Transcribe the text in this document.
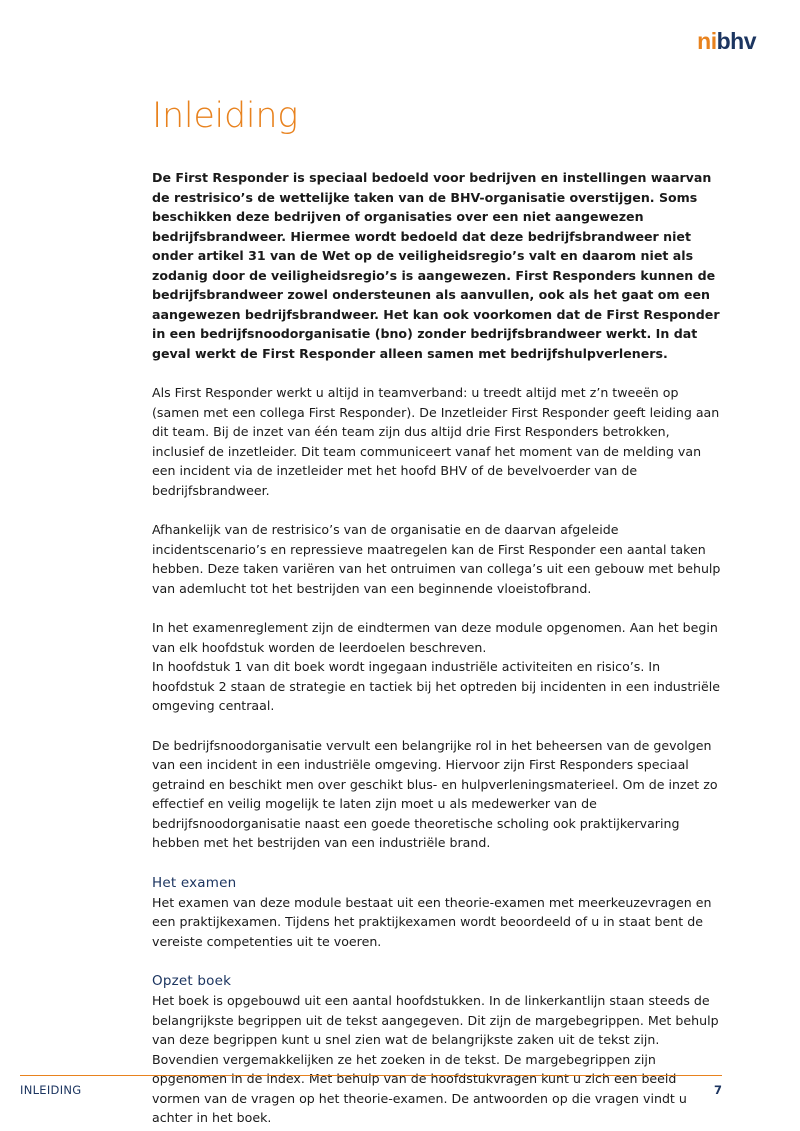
nibhv
Inleiding

De First Responder is speciaal bedoeld voor bedrijven en instellingen waarvan de restrisico’s de wettelijke taken van de BHV-organisatie overstijgen. Soms beschikken deze bedrijven of organisaties over een niet aangewezen bedrijfsbrandweer. Hiermee wordt bedoeld dat deze bedrijfsbrandweer niet onder artikel 31 van de Wet op de veiligheidsregio’s valt en daarom niet als zodanig door de veiligheidsregio’s is aangewezen. First Responders kunnen de bedrijfsbrandweer zowel ondersteunen als aanvullen, ook als het gaat om een aangewezen bedrijfsbrandweer. Het kan ook voorkomen dat de First Responder in een bedrijfsnoodorganisatie (bno) zonder bedrijfsbrandweer werkt. In dat geval werkt de First Responder alleen samen met bedrijfshulpverleners.

Als First Responder werkt u altijd in teamverband: u treedt altijd met z’n tweeën op (samen met een collega First Responder). De Inzetleider First Responder geeft leiding aan dit team. Bij de inzet van één team zijn dus altijd drie First Responders betrokken, inclusief de inzetleider. Dit team communiceert vanaf het moment van de melding van een incident via de inzetleider met het hoofd BHV of de bevelvoerder van de bedrijfsbrandweer.

Afhankelijk van de restrisico’s van de organisatie en de daarvan afgeleide incidentscenario’s en repressieve maatregelen kan de First Responder een aantal taken hebben. Deze taken variëren van het ontruimen van collega’s uit een gebouw met behulp van ademlucht tot het bestrijden van een beginnende vloeistofbrand.

In het examenreglement zijn de eindtermen van deze module opgenomen. Aan het begin van elk hoofdstuk worden de leerdoelen beschreven.

In hoofdstuk 1 van dit boek wordt ingegaan industriële activiteiten en risico’s. In hoofdstuk 2 staan de strategie en tactiek bij het optreden bij incidenten in een industriële omgeving centraal.

De bedrijfsnoodorganisatie vervult een belangrijke rol in het beheersen van de gevolgen van een incident in een industriële omgeving. Hiervoor zijn First Responders speciaal getraind en beschikt men over geschikt blus- en hulpverleningsmaterieel. Om de inzet zo effectief en veilig mogelijk te laten zijn moet u als medewerker van de bedrijfsnoodorganisatie naast een goede theoretische scholing ook praktijkervaring hebben met het bestrijden van een industriële brand.

Het examen

Het examen van deze module bestaat uit een theorie-examen met meerkeuzevragen en een praktijkexamen. Tijdens het praktijkexamen wordt beoordeeld of u in staat bent de vereiste competenties uit te voeren.

Opzet boek

Het boek is opgebouwd uit een aantal hoofdstukken. In de linkerkantlijn staan steeds de belangrijkste begrippen uit de tekst aangegeven. Dit zijn de margebegrippen. Met behulp van deze begrippen kunt u snel zien wat de belangrijkste zaken uit de tekst zijn. Bovendien vergemakkelijken ze het zoeken in de tekst. De margebegrippen zijn opgenomen in de index. Met behulp van de hoofdstukvragen kunt u zich een beeld vormen van de vragen op het theorie-examen. De antwoorden op die vragen vindt u achter in het boek.

INLEIDING	7
